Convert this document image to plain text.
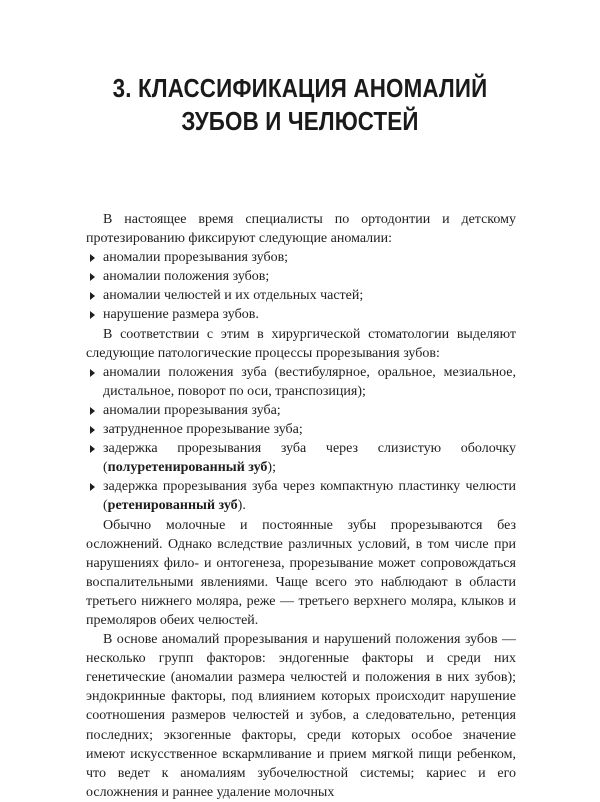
3. КЛАССИФИКАЦИЯ АНОМАЛИЙ
ЗУБОВ И ЧЕЛЮСТЕЙ

В настоящее время специалисты по ортодонтии и детскому протезированию фиксируют следующие аномалии:

аномалии прорезывания зубов;
аномалии положения зубов;
аномалии челюстей и их отдельных частей;
нарушение размера зубов.

В соответствии с этим в хирургической стоматологии выделяют следующие патологические процессы прорезывания зубов:

аномалии положения зуба (вестибулярное, оральное, мезиальное, дистальное, поворот по оси, транспозиция);
аномалии прорезывания зуба;
затрудненное прорезывание зуба;
задержка прорезывания зуба через слизистую оболочку (полуретенированный зуб);
задержка прорезывания зуба через компактную пластинку челюсти (ретенированный зуб).

Обычно молочные и постоянные зубы прорезываются без осложнений. Однако вследствие различных условий, в том числе при нарушениях фило- и онтогенеза, прорезывание может сопровождаться воспалительными явлениями. Чаще всего это наблюдают в области третьего нижнего моляра, реже — третьего верхнего моляра, клыков и премоляров обеих челюстей.

В основе аномалий прорезывания и нарушений положения зубов — несколько групп факторов: эндогенные факторы и среди них генетические (аномалии размера челюстей и положения в них зубов); эндокринные факторы, под влиянием которых происходит нарушение соотношения размеров челюстей и зубов, а следовательно, ретенция последних; экзогенные факторы, среди которых особое значение имеют искусственное вскармливание и прием мягкой пищи ребенком, что ведет к аномалиям зубочелюстной системы; кариес и его осложнения и раннее удаление молочных
